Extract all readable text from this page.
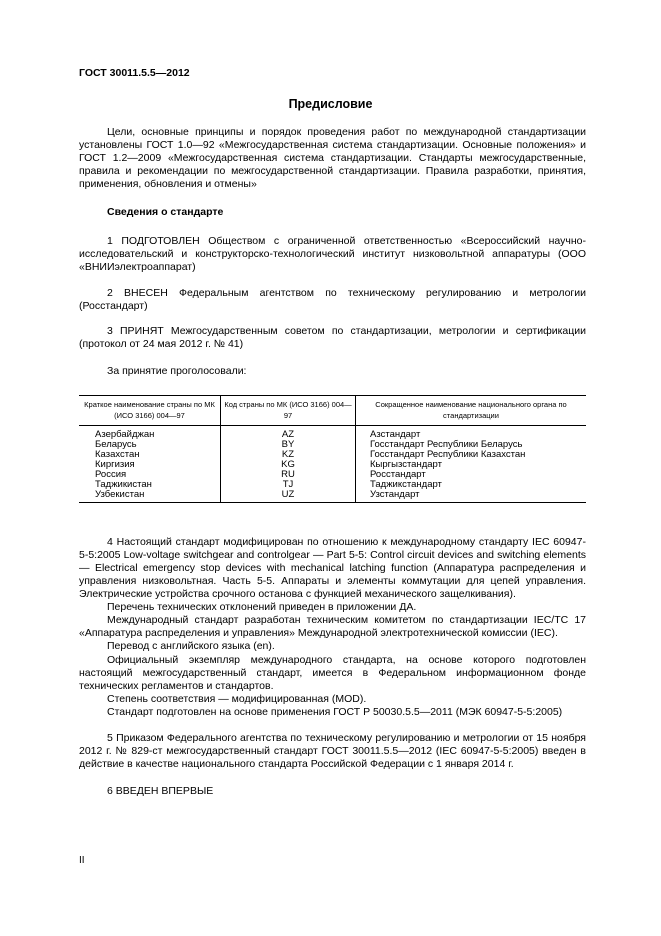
ГОСТ 30011.5.5—2012
Предисловие

Цели, основные принципы и порядок проведения работ по международной стандартизации установлены ГОСТ 1.0—92 «Межгосударственная система стандартизации. Основные положения» и ГОСТ 1.2—2009 «Межгосударственная система стандартизации. Стандарты межгосударственные, правила и рекомендации по межгосударственной стандартизации. Правила разработки, принятия, применения, обновления и отмены»

Сведения о стандарте

1 ПОДГОТОВЛЕН Обществом с ограниченной ответственностью «Всероссийский научно-исследовательский и конструкторско-технологический институт низковольтной аппаратуры (ООО «ВНИИэлектроаппарат)

2 ВНЕСЕН Федеральным агентством по техническому регулированию и метрологии (Росстандарт)

3 ПРИНЯТ Межгосударственным советом по стандартизации, метрологии и сертификации (протокол от 24 мая 2012 г. № 41)

За принятие проголосовали:

Краткое наименование страны по МК (ИСО 3166) 004—97	Код страны по МК (ИСО 3166) 004—97	Сокращенное наименование национального органа по стандартизации
Азербайджан	AZ	Азстандарт
Беларусь	BY	Госстандарт Республики Беларусь
Казахстан	KZ	Госстандарт Республики Казахстан
Киргизия	KG	Кыргызстандарт
Россия	RU	Росстандарт
Таджикистан	TJ	Таджикстандарт
Узбекистан	UZ	Узстандарт

4 Настоящий стандарт модифицирован по отношению к международному стандарту IEC 60947-5-5:2005 Low-voltage switchgear and controlgear — Part 5-5: Control circuit devices and switching elements — Electrical emergency stop devices with mechanical latching function (Аппаратура распределения и управления низковольтная. Часть 5-5. Аппараты и элементы коммутации для цепей управления. Электрические устройства срочного останова с функцией механического защелкивания).

Перечень технических отклонений приведен в приложении ДА.

Международный стандарт разработан техническим комитетом по стандартизации IEC/TC 17 «Аппаратура распределения и управления» Международной электротехнической комиссии (IEC).

Перевод с английского языка (en).

Официальный экземпляр международного стандарта, на основе которого подготовлен настоящий межгосударственный стандарт, имеется в Федеральном информационном фонде технических регламентов и стандартов.

Степень соответствия — модифицированная (MOD).

Стандарт подготовлен на основе применения ГОСТ Р 50030.5.5—2011 (МЭК 60947-5-5:2005)

5 Приказом Федерального агентства по техническому регулированию и метрологии от 15 ноября 2012 г. № 829-ст межгосударственный стандарт ГОСТ 30011.5.5—2012 (IEC 60947-5-5:2005) введен в действие в качестве национального стандарта Российской Федерации с 1 января 2014 г.

6 ВВЕДЕН ВПЕРВЫЕ

II
